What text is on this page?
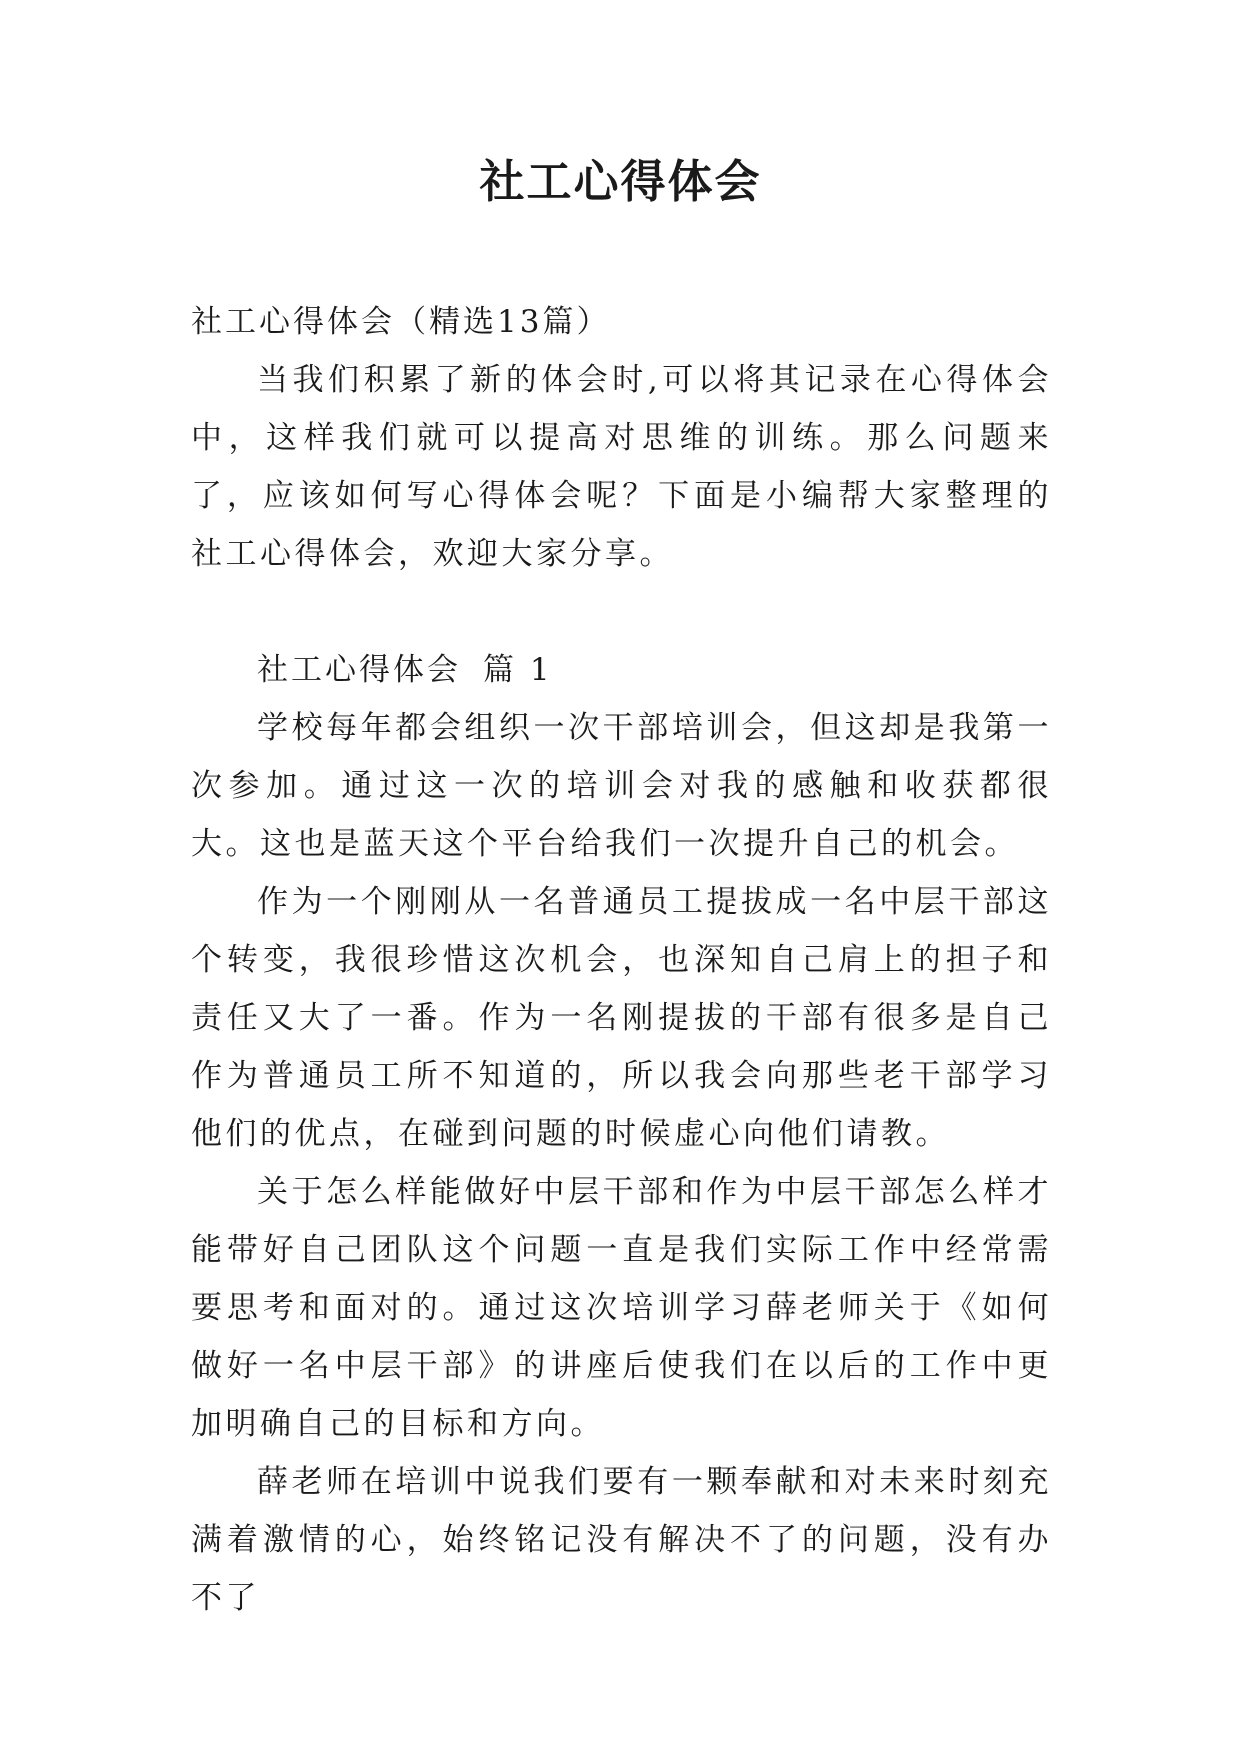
社工心得体会

社工心得体会（精选13篇）

当我们积累了新的体会时,可以将其记录在心得体会中，这样我们就可以提高对思维的训练。那么问题来了，应该如何写心得体会呢？下面是小编帮大家整理的社工心得体会，欢迎大家分享。

社工心得体会 篇 1

学校每年都会组织一次干部培训会，但这却是我第一次参加。通过这一次的培训会对我的感触和收获都很大。这也是蓝天这个平台给我们一次提升自己的机会。

作为一个刚刚从一名普通员工提拔成一名中层干部这个转变，我很珍惜这次机会，也深知自己肩上的担子和责任又大了一番。作为一名刚提拔的干部有很多是自己作为普通员工所不知道的，所以我会向那些老干部学习他们的优点，在碰到问题的时候虚心向他们请教。

关于怎么样能做好中层干部和作为中层干部怎么样才能带好自己团队这个问题一直是我们实际工作中经常需要思考和面对的。通过这次培训学习薛老师关于《如何做好一名中层干部》的讲座后使我们在以后的工作中更加明确自己的目标和方向。

薛老师在培训中说我们要有一颗奉献和对未来时刻充满着激情的心，始终铭记没有解决不了的问题，没有办不了
